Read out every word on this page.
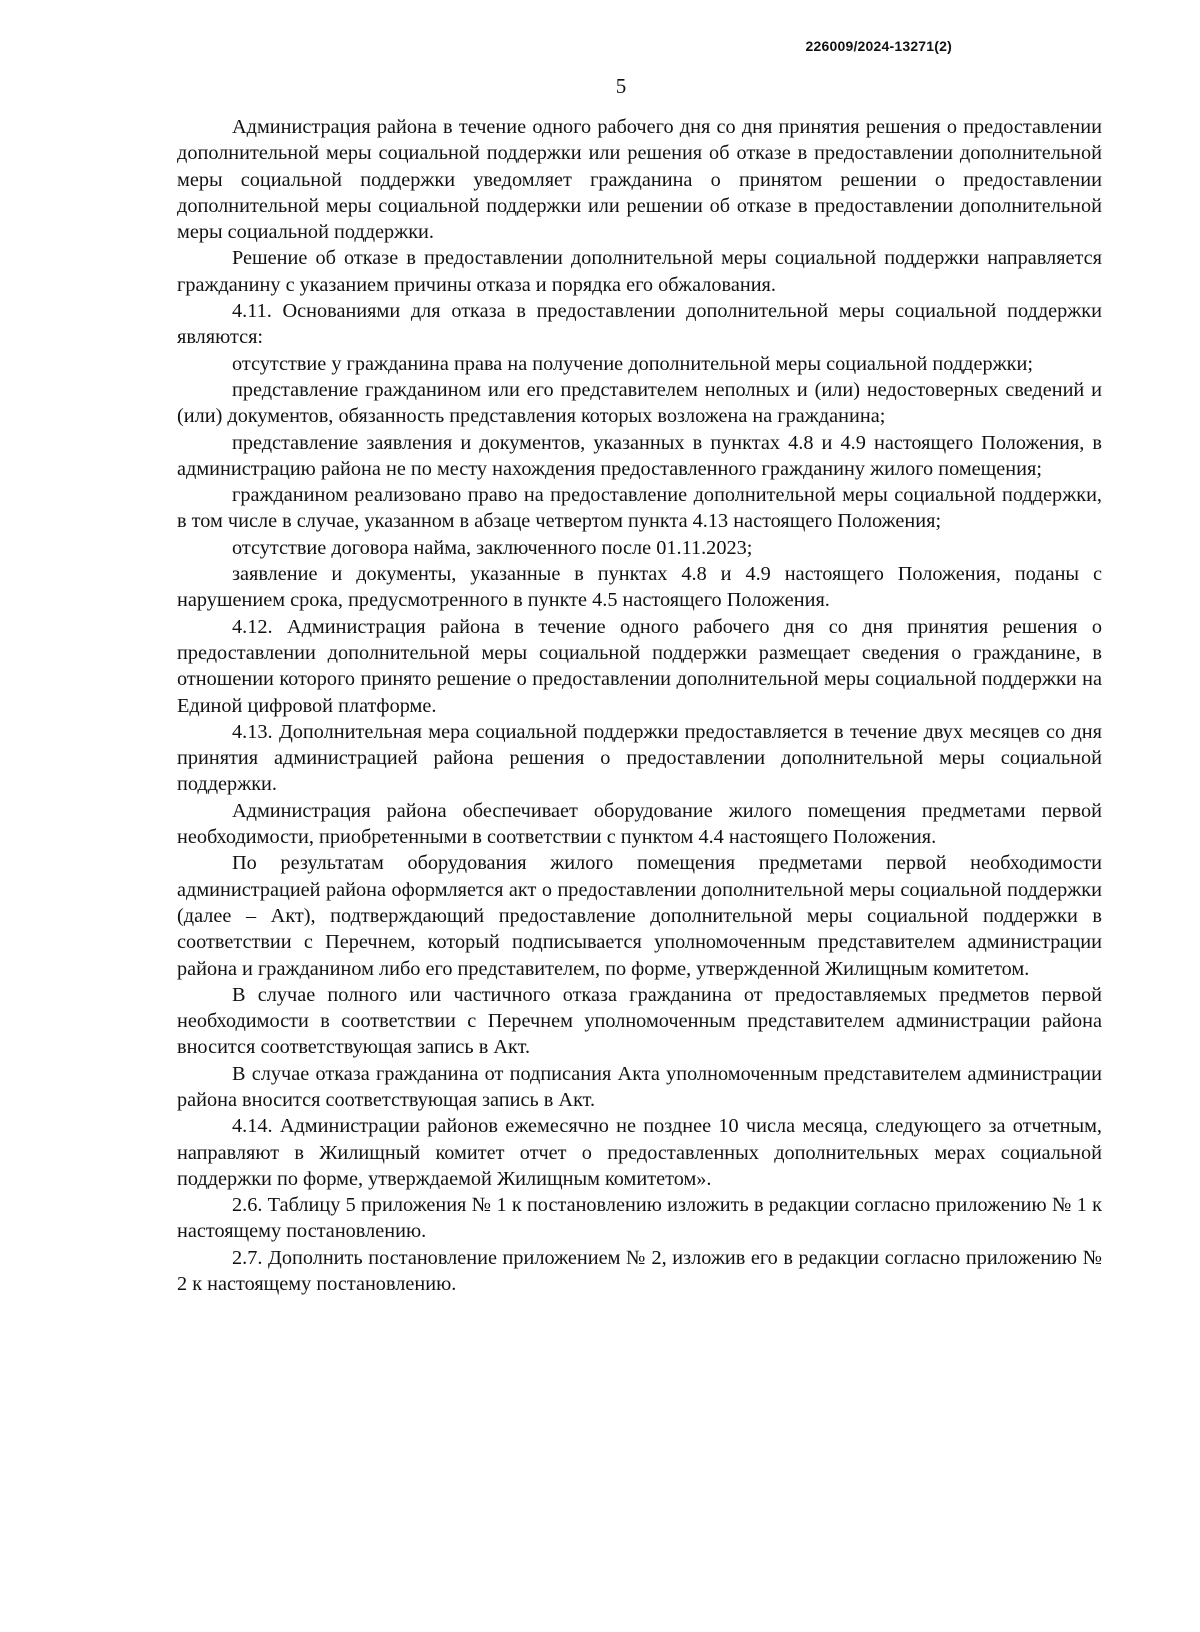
226009/2024-13271(2)
5

Администрация района в течение одного рабочего дня со дня принятия решения о предоставлении дополнительной меры социальной поддержки или решения об отказе в предоставлении дополнительной меры социальной поддержки уведомляет гражданина о принятом решении о предоставлении дополнительной меры социальной поддержки или решении об отказе в предоставлении дополнительной меры социальной поддержки.

Решение об отказе в предоставлении дополнительной меры социальной поддержки направляется гражданину с указанием причины отказа и порядка его обжалования.

4.11. Основаниями для отказа в предоставлении дополнительной меры социальной поддержки являются:

отсутствие у гражданина права на получение дополнительной меры социальной поддержки;

представление гражданином или его представителем неполных и (или) недостоверных сведений и (или) документов, обязанность представления которых возложена на гражданина;

представление заявления и документов, указанных в пунктах 4.8 и 4.9 настоящего Положения, в администрацию района не по месту нахождения предоставленного гражданину жилого помещения;

гражданином реализовано право на предоставление дополнительной меры социальной поддержки, в том числе в случае, указанном в абзаце четвертом пункта 4.13 настоящего Положения;

отсутствие договора найма, заключенного после 01.11.2023;

заявление и документы, указанные в пунктах 4.8 и 4.9 настоящего Положения, поданы с нарушением срока, предусмотренного в пункте 4.5 настоящего Положения.

4.12. Администрация района в течение одного рабочего дня со дня принятия решения о предоставлении дополнительной меры социальной поддержки размещает сведения о гражданине, в отношении которого принято решение о предоставлении дополнительной меры социальной поддержки на Единой цифровой платформе.

4.13. Дополнительная мера социальной поддержки предоставляется в течение двух месяцев со дня принятия администрацией района решения о предоставлении дополнительной меры социальной поддержки.

Администрация района обеспечивает оборудование жилого помещения предметами первой необходимости, приобретенными в соответствии с пунктом 4.4 настоящего Положения.

По результатам оборудования жилого помещения предметами первой необходимости администрацией района оформляется акт о предоставлении дополнительной меры социальной поддержки (далее – Акт), подтверждающий предоставление дополнительной меры социальной поддержки в соответствии с Перечнем, который подписывается уполномоченным представителем администрации района и гражданином либо его представителем, по форме, утвержденной Жилищным комитетом.

В случае полного или частичного отказа гражданина от предоставляемых предметов первой необходимости в соответствии с Перечнем уполномоченным представителем администрации района вносится соответствующая запись в Акт.

В случае отказа гражданина от подписания Акта уполномоченным представителем администрации района вносится соответствующая запись в Акт.

4.14. Администрации районов ежемесячно не позднее 10 числа месяца, следующего за отчетным, направляют в Жилищный комитет отчет о предоставленных дополнительных мерах социальной поддержки по форме, утверждаемой Жилищным комитетом».

2.6. Таблицу 5 приложения № 1 к постановлению изложить в редакции согласно приложению № 1 к настоящему постановлению.

2.7. Дополнить постановление приложением № 2, изложив его в редакции согласно приложению № 2 к настоящему постановлению.
